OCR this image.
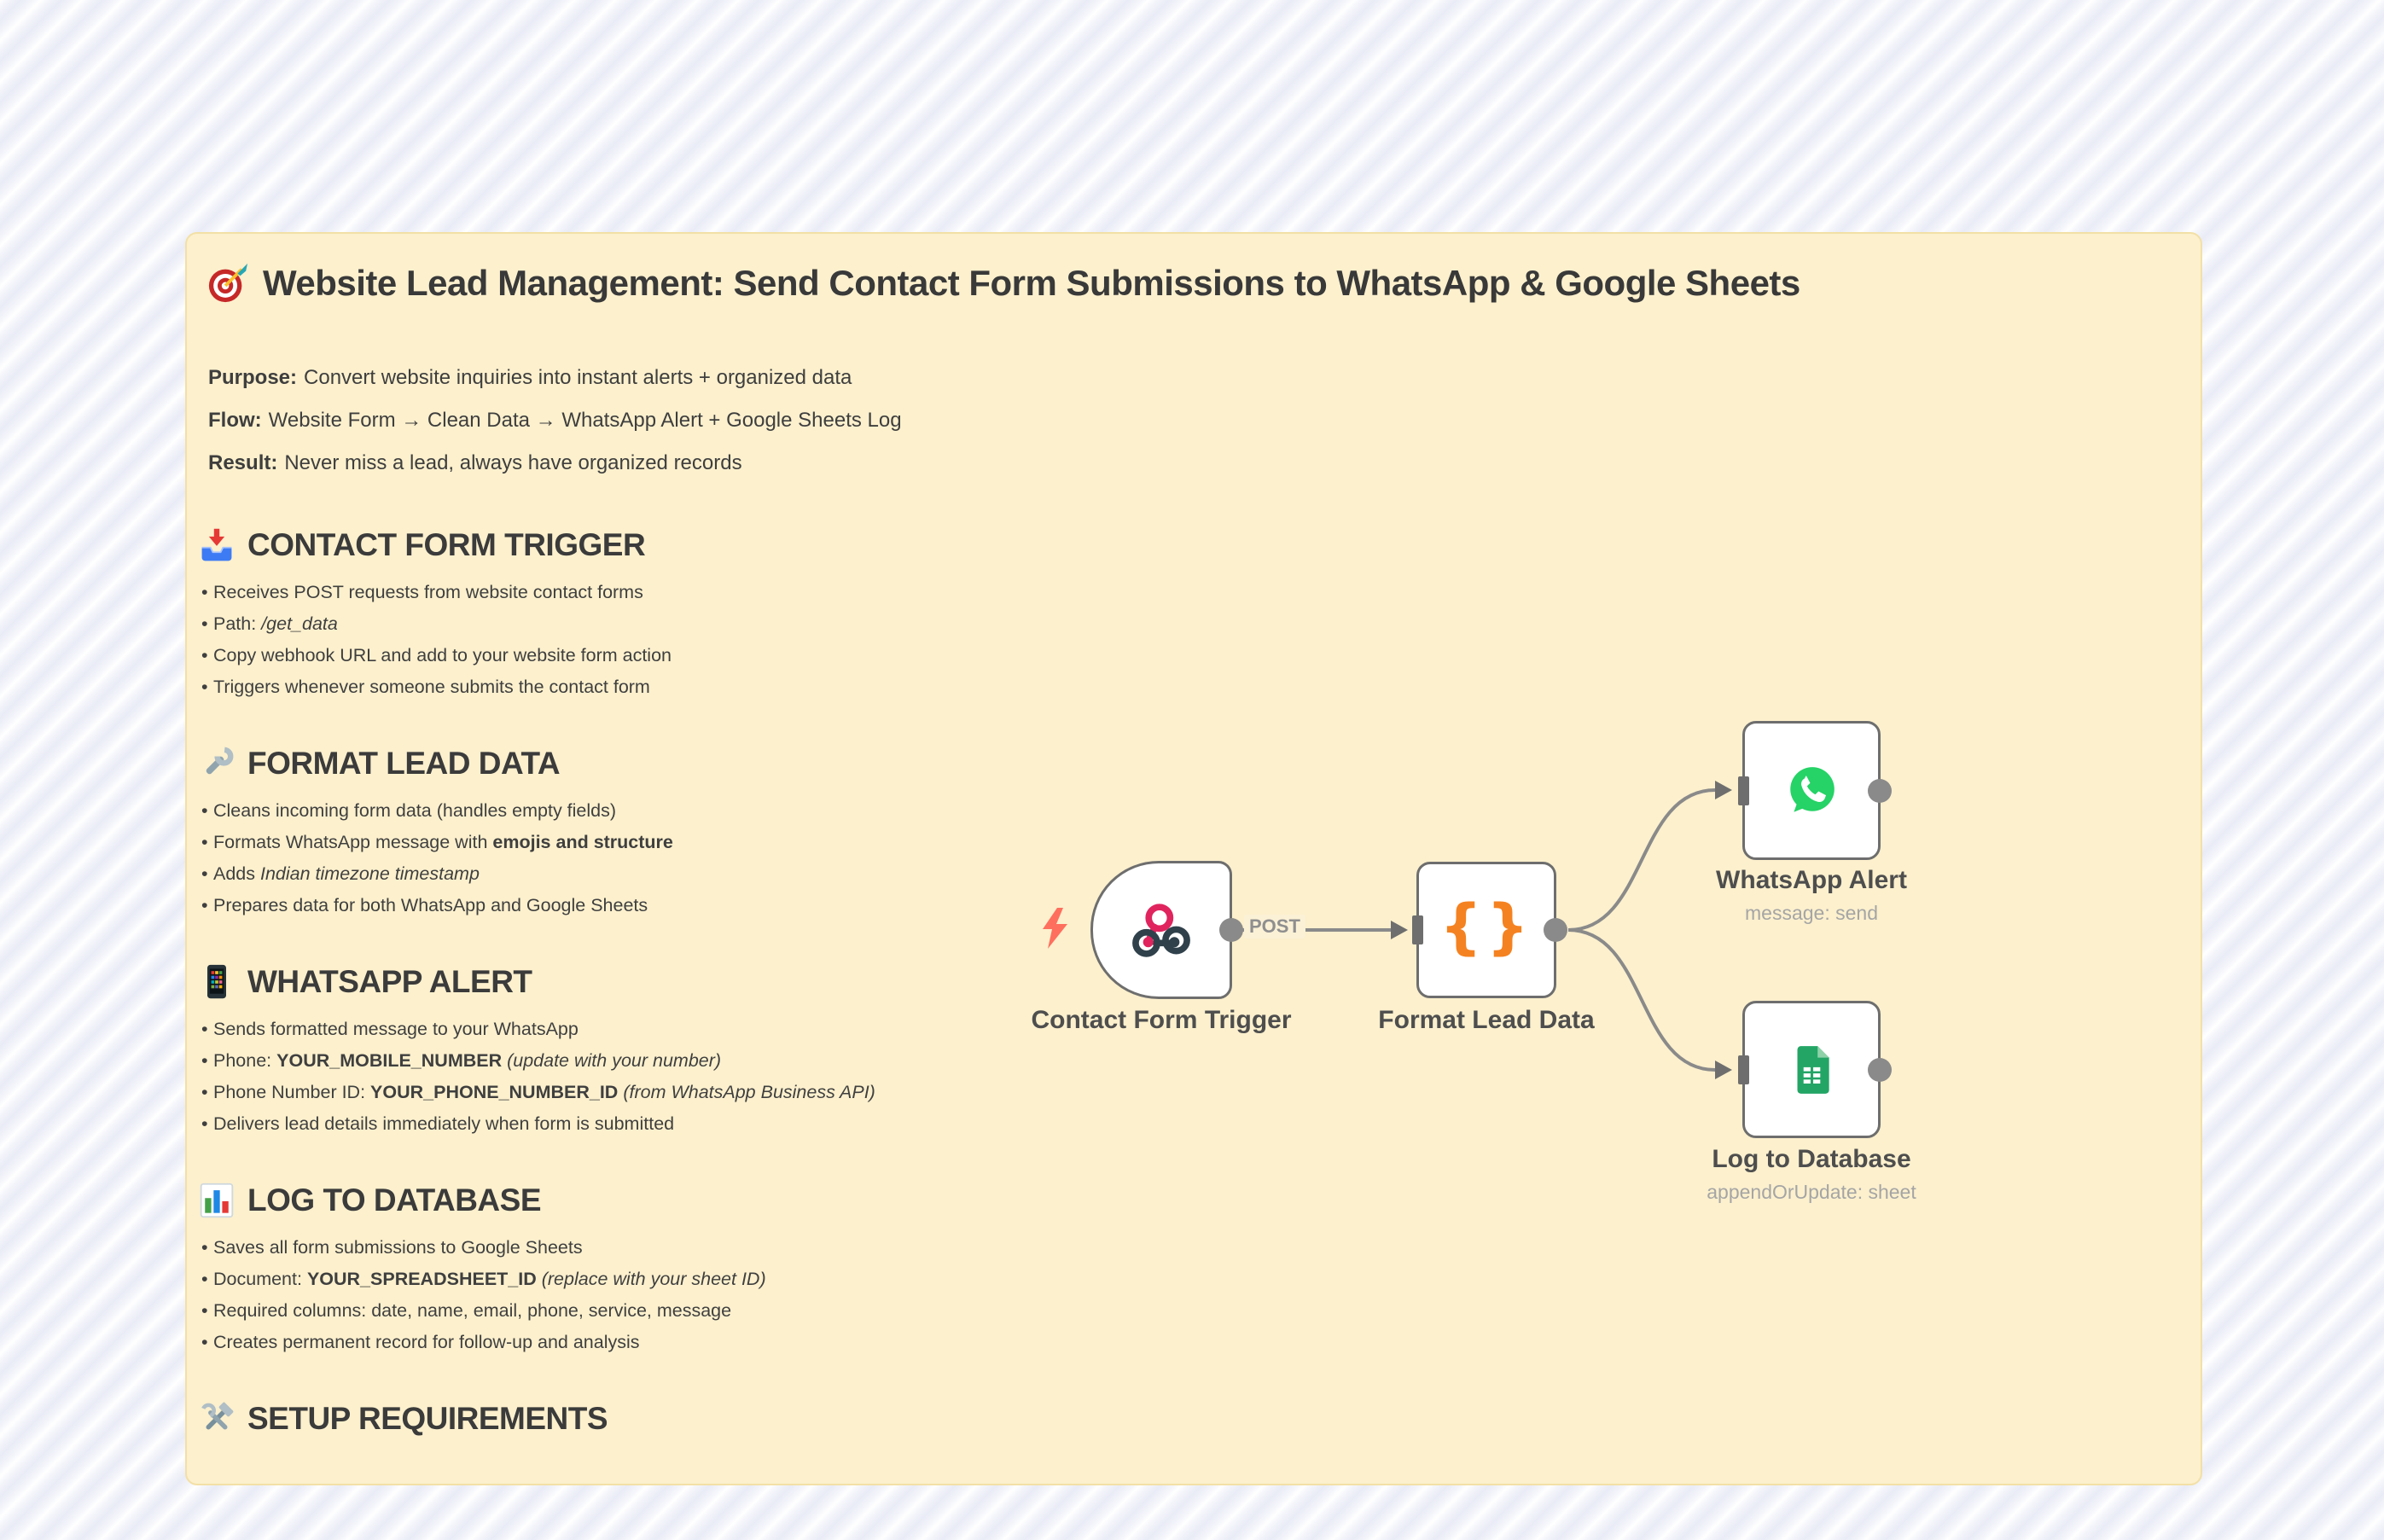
Website Lead Management: Send Contact Form Submissions to WhatsApp & Google Sheets
Purpose: Convert website inquiries into instant alerts + organized data
Flow: Website Form → Clean Data → WhatsApp Alert + Google Sheets Log
Result: Never miss a lead, always have organized records
CONTACT FORM TRIGGER
• Receives POST requests from website contact forms
• Path: /get_data
• Copy webhook URL and add to your website form action
• Triggers whenever someone submits the contact form
FORMAT LEAD DATA
• Cleans incoming form data (handles empty fields)
• Formats WhatsApp message with emojis and structure
• Adds Indian timezone timestamp
• Prepares data for both WhatsApp and Google Sheets
WHATSAPP ALERT
• Sends formatted message to your WhatsApp
• Phone: YOUR_MOBILE_NUMBER (update with your number)
• Phone Number ID: YOUR_PHONE_NUMBER_ID (from WhatsApp Business API)
• Delivers lead details immediately when form is submitted
LOG TO DATABASE
• Saves all form submissions to Google Sheets
• Document: YOUR_SPREADSHEET_ID (replace with your sheet ID)
• Required columns: date, name, email, phone, service, message
• Creates permanent record for follow-up and analysis
SETUP REQUIREMENTS
{}
POST
Contact Form Trigger	Format Lead Data
WhatsApp Alert
message: send
Log to Database
appendOrUpdate: sheet
